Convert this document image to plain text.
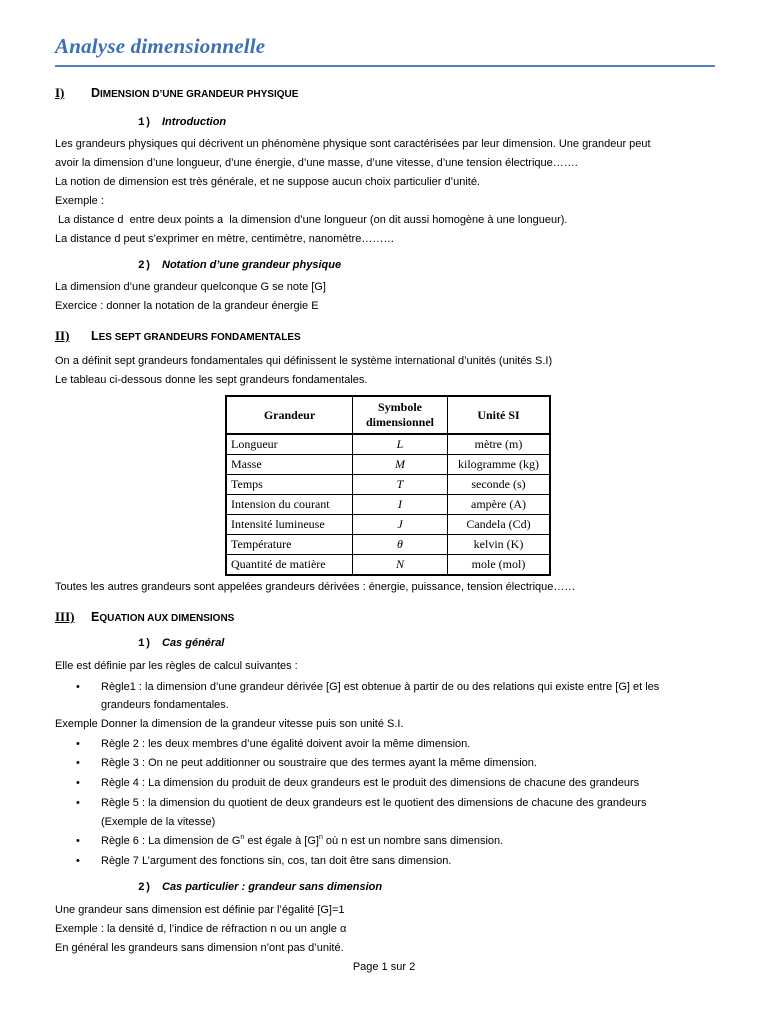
Analyse dimensionnelle
I) DIMENSION D’UNE GRANDEUR PHYSIQUE
1) Introduction
Les grandeurs physiques qui décrivent un phénomène physique sont caractérisées par leur dimension. Une grandeur peut
avoir la dimension d’une longueur, d’une énergie, d’une masse, d’une vitesse, d’une tension électrique…….
La notion de dimension est très générale, et ne suppose aucun choix particulier d’unité.
Exemple :
La distance d  entre deux points a  la dimension d’une longueur (on dit aussi homogène à une longueur).
La distance d peut s’exprimer en mètre, centimètre, nanomètre………
2) Notation d’une grandeur physique
La dimension d’une grandeur quelconque G se note [G]
Exercice : donner la notation de la grandeur énergie E
II) LES SEPT GRANDEURS FONDAMENTALES
On a définit sept grandeurs fondamentales qui définissent le système international d’unités (unités S.I)
Le tableau ci-dessous donne les sept grandeurs fondamentales.
Grandeur	Symbole dimensionnel	Unité SI
Longueur	L	mètre (m)
Masse	M	kilogramme (kg)
Temps	T	seconde (s)
Intension du courant	I	ampère (A)
Intensité lumineuse	J	Candela (Cd)
Température	θ	kelvin (K)
Quantité de matière	N	mole (mol)
Toutes les autres grandeurs sont appelées grandeurs dérivées : énergie, puissance, tension électrique……
III) EQUATION AUX DIMENSIONS
1) Cas général
Elle est définie par les règles de calcul suivantes :
• Règle1 : la dimension d’une grandeur dérivée [G] est obtenue à partir de ou des relations qui existe entre [G] et les
grandeurs fondamentales.
Exemple Donner la dimension de la grandeur vitesse puis son unité S.I.
• Règle 2 : les deux membres d’une égalité doivent avoir la même dimension.
• Règle 3 : On ne peut additionner ou soustraire que des termes ayant la même dimension.
• Règle 4 : La dimension du produit de deux grandeurs est le produit des dimensions de chacune des grandeurs
• Règle 5 : la dimension du quotient de deux grandeurs est le quotient des dimensions de chacune des grandeurs
(Exemple de la vitesse)
• Règle 6 : La dimension de $G^n$ est égale à $[G]^n$ où n est un nombre sans dimension.
• Règle 7 L’argument des fonctions sin, cos, tan doit être sans dimension.
2) Cas particulier : grandeur sans dimension
Une grandeur sans dimension est définie par l’égalité [G]=1
Exemple : la densité d, l’indice de réfraction n ou un angle α
En général les grandeurs sans dimension n’ont pas d’unité.
Page 1 sur 2
